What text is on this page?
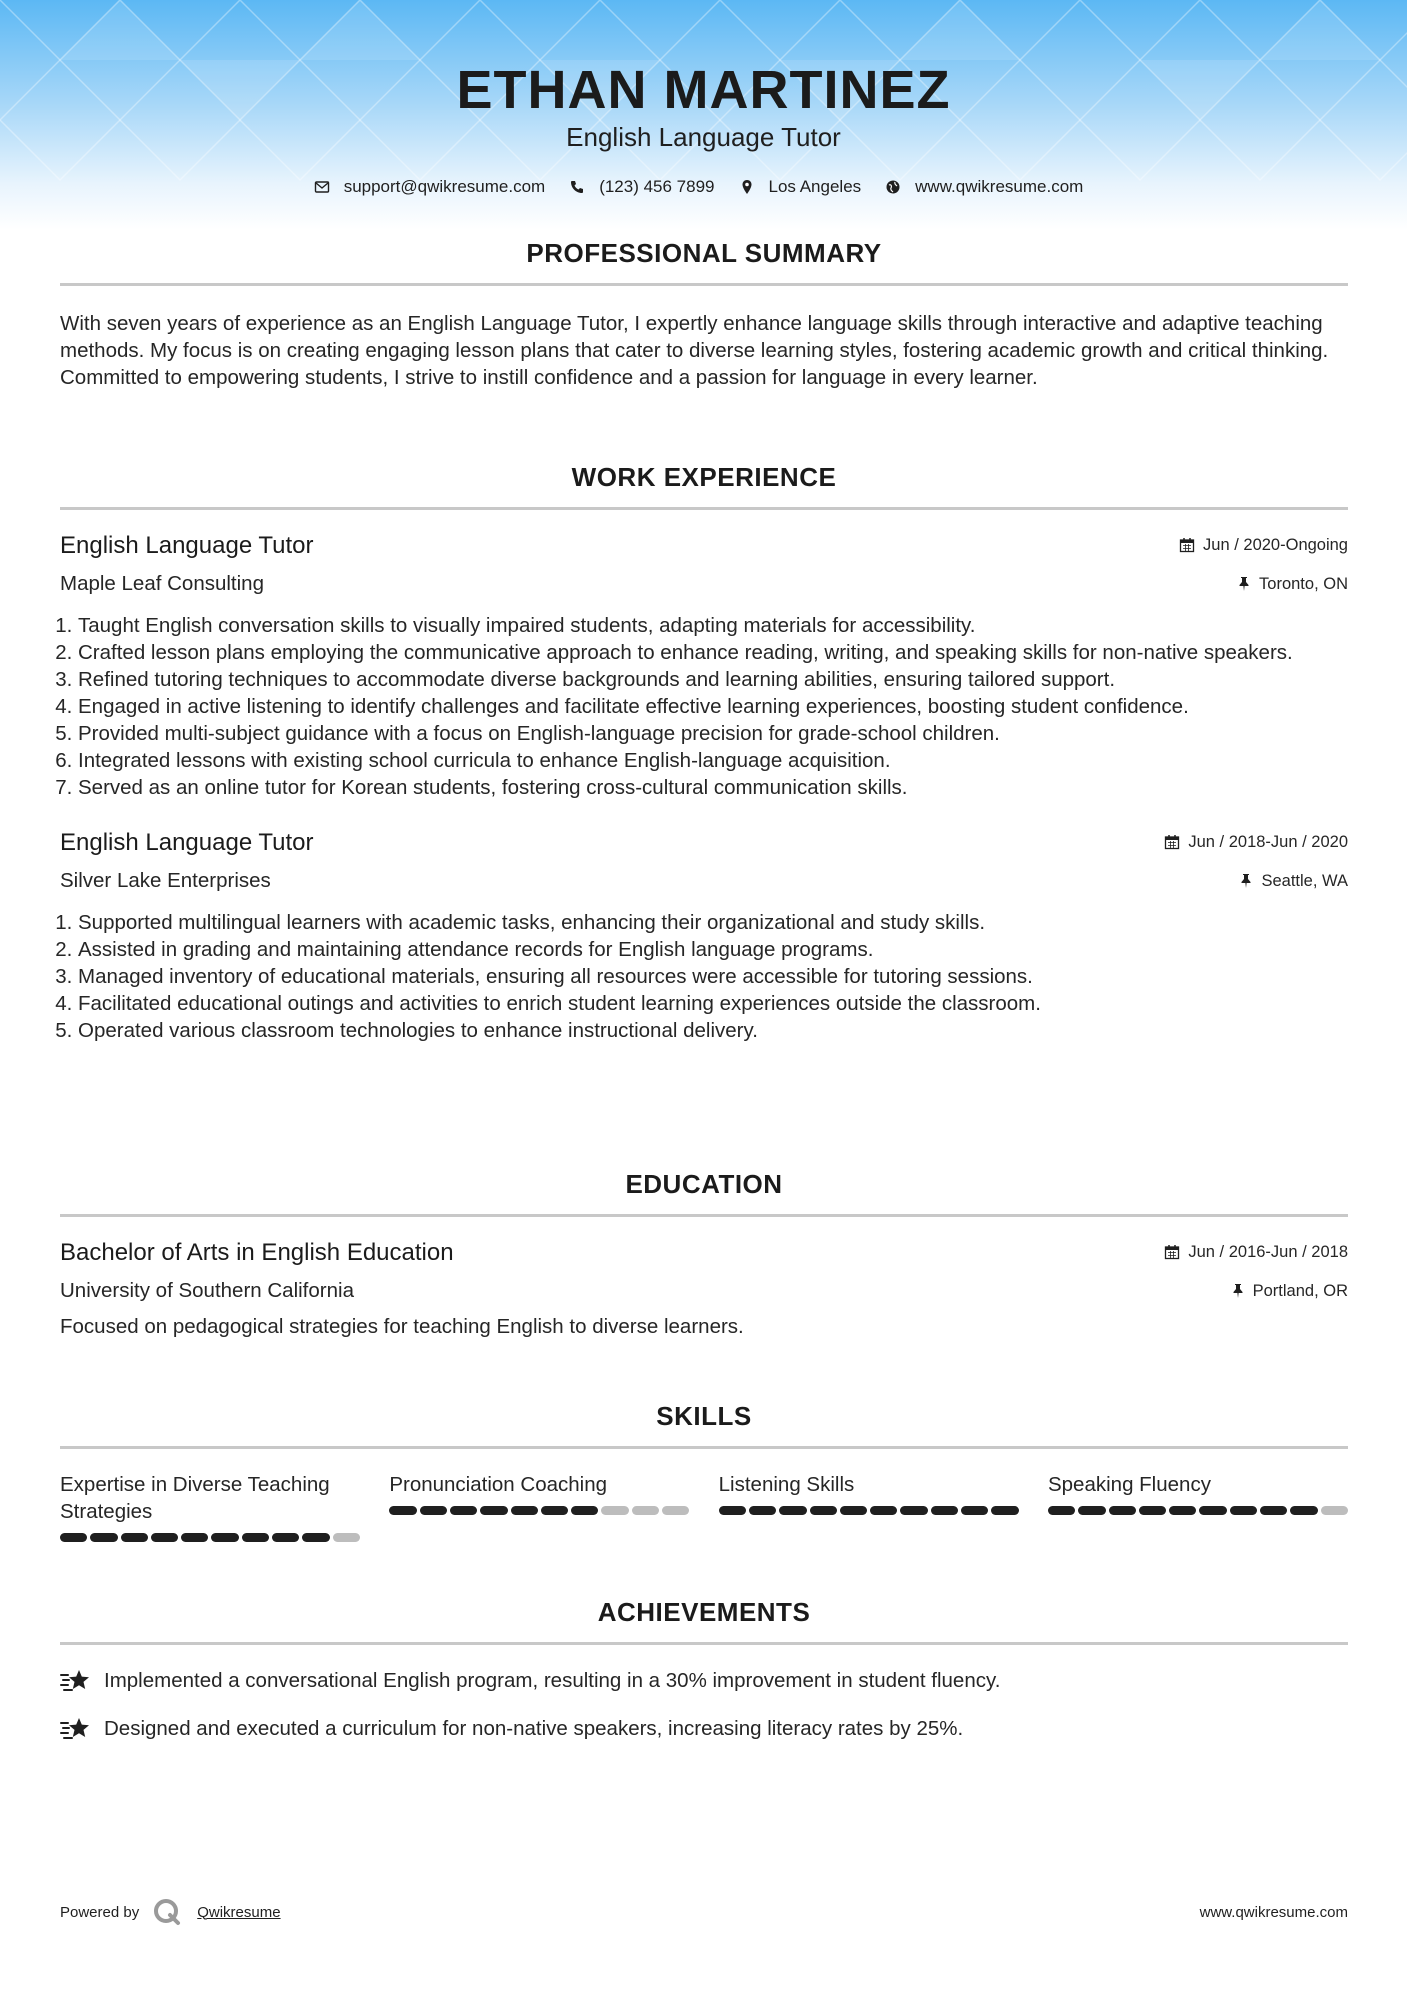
ETHAN MARTINEZ
English Language Tutor
support@qwikresume.com	(123) 456 7899	Los Angeles	www.qwikresume.com
PROFESSIONAL SUMMARY

With seven years of experience as an English Language Tutor, I expertly enhance language skills through interactive and adaptive teaching methods. My focus is on creating engaging lesson plans that cater to diverse learning styles, fostering academic growth and critical thinking. Committed to empowering students, I strive to instill confidence and a passion for language in every learner.

WORK EXPERIENCE
English Language Tutor	Jun / 2020-Ongoing
Maple Leaf Consulting	Toronto, ON
1. Taught English conversation skills to visually impaired students, adapting materials for accessibility.
2. Crafted lesson plans employing the communicative approach to enhance reading, writing, and speaking skills for non-native speakers.
3. Refined tutoring techniques to accommodate diverse backgrounds and learning abilities, ensuring tailored support.
4. Engaged in active listening to identify challenges and facilitate effective learning experiences, boosting student confidence.
5. Provided multi-subject guidance with a focus on English-language precision for grade-school children.
6. Integrated lessons with existing school curricula to enhance English-language acquisition.
7. Served as an online tutor for Korean students, fostering cross-cultural communication skills.
English Language Tutor	Jun / 2018-Jun / 2020
Silver Lake Enterprises	Seattle, WA
1. Supported multilingual learners with academic tasks, enhancing their organizational and study skills.
2. Assisted in grading and maintaining attendance records for English language programs.
3. Managed inventory of educational materials, ensuring all resources were accessible for tutoring sessions.
4. Facilitated educational outings and activities to enrich student learning experiences outside the classroom.
5. Operated various classroom technologies to enhance instructional delivery.
EDUCATION
Bachelor of Arts in English Education	Jun / 2016-Jun / 2018
University of Southern California	Portland, OR
Focused on pedagogical strategies for teaching English to diverse learners.
SKILLS
Expertise in Diverse Teaching Strategies
Pronunciation Coaching	Listening Skills	Speaking Fluency
ACHIEVEMENTS
Implemented a conversational English program, resulting in a 30% improvement in student fluency.
Designed and executed a curriculum for non-native speakers, increasing literacy rates by 25%.
Powered by	Qwikresume	www.qwikresume.com
